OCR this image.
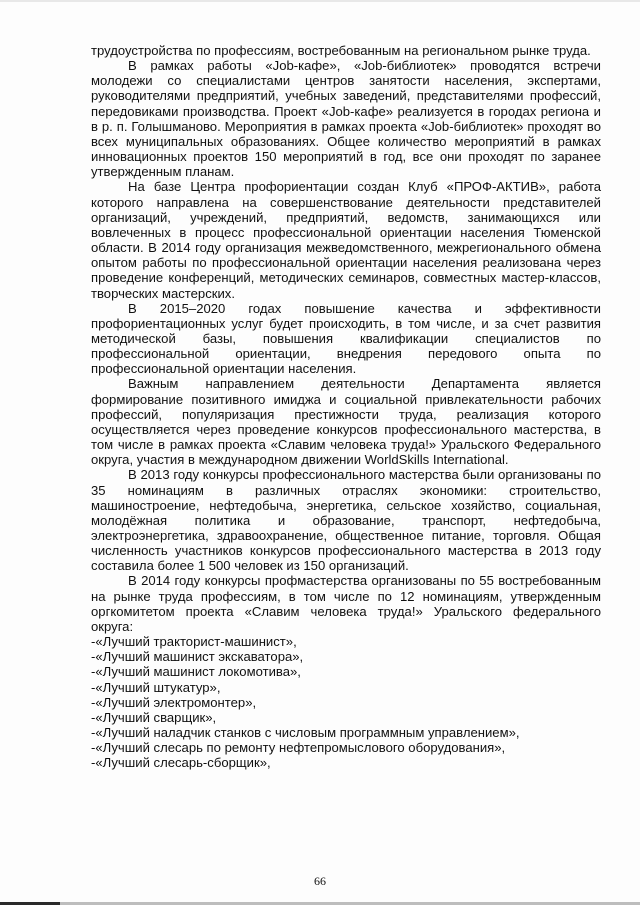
трудоустройства по профессиям, востребованным на региональном рынке труда.

В рамках работы «Job-кафе», «Job-библиотек» проводятся встречи молодежи со специалистами центров занятости населения, экспертами, руководителями предприятий, учебных заведений, представителями профессий, передовиками производства. Проект «Job-кафе» реализуется в городах региона и в р. п. Голышманово. Мероприятия в рамках проекта «Job-библиотек» проходят во всех муниципальных образованиях. Общее количество мероприятий в рамках инновационных проектов 150 мероприятий в год, все они проходят по заранее утвержденным планам.

На базе Центра профориентации создан Клуб «ПРОФ-АКТИВ», работа которого направлена на совершенствование деятельности представителей организаций, учреждений, предприятий, ведомств, занимающихся или вовлеченных в процесс профессиональной ориентации населения Тюменской области. В 2014 году организация межведомственного, межрегионального обмена опытом работы по профессиональной ориентации населения реализована через проведение конференций, методических семинаров, совместных мастер-классов, творческих мастерских.

В 2015–2020 годах повышение качества и эффективности профориентационных услуг будет происходить, в том числе, и за счет развития методической базы, повышения квалификации специалистов по профессиональной ориентации, внедрения передового опыта по профессиональной ориентации населения.

Важным направлением деятельности Департамента является формирование позитивного имиджа и социальной привлекательности рабочих профессий, популяризация престижности труда, реализация которого осуществляется через проведение конкурсов профессионального мастерства, в том числе в рамках проекта «Славим человека труда!» Уральского Федерального округа, участия в международном движении WorldSkills International.

В 2013 году конкурсы профессионального мастерства были организованы по 35 номинациям в различных отраслях экономики: строительство, машиностроение, нефтедобыча, энергетика, сельское хозяйство, социальная, молодёжная политика и образование, транспорт, нефтедобыча, электроэнергетика, здравоохранение, общественное питание, торговля. Общая численность участников конкурсов профессионального мастерства в 2013 году составила более 1 500 человек из 150 организаций.

В 2014 году конкурсы профмастерства организованы по 55 востребованным на рынке труда профессиям, в том числе по 12 номинациям, утвержденным оргкомитетом проекта «Славим человека труда!» Уральского федерального округа:

-«Лучший тракторист-машинист»,

-«Лучший машинист экскаватора»,

-«Лучший машинист локомотива»,

-«Лучший штукатур»,

-«Лучший электромонтер»,

-«Лучший сварщик»,

-«Лучший наладчик станков с числовым программным управлением»,

-«Лучший слесарь по ремонту нефтепромыслового оборудования»,

-«Лучший слесарь-сборщик»,

66
